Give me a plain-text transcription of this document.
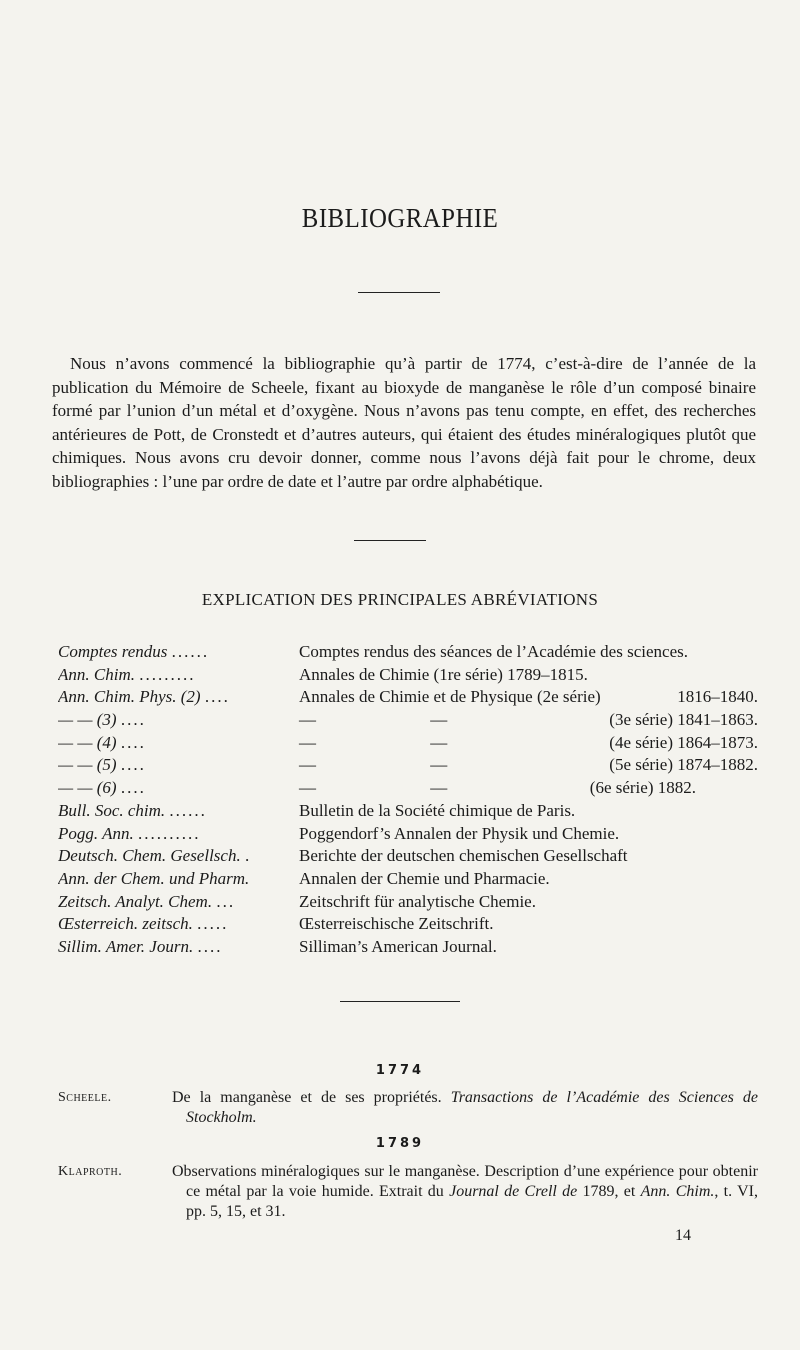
BIBLIOGRAPHIE
Nous n’avons commencé la bibliographie qu’à partir de 1774, c’est-à-dire de l’année de la publication du Mémoire de Scheele, fixant au bioxyde de manganèse le rôle d’un composé binaire formé par l’union d’un métal et d’oxygène. Nous n’avons pas tenu compte, en effet, des recherches antérieures de Pott, de Cronstedt et d’autres auteurs, qui étaient des études minéralogiques plutôt que chimiques. Nous avons cru devoir donner, comme nous l’avons déjà fait pour le chrome, deux bibliographies : l’une par ordre de date et l’autre par ordre alphabétique.
EXPLICATION DES PRINCIPALES ABRÉVIATIONS
Comptes rendus ......	Comptes rendus des séances de l’Académie des sciences.
Ann. Chim. .........	Annales de Chimie (1re série) 1789–1815.
Ann. Chim. Phys. (2) ....	Annales de Chimie et de Physique (2e série)	1816–1840.
— — (3) ....	— —	(3e série) 1841–1863.
— — (4) ....	— —	(4e série) 1864–1873.
— — (5) ....	— —	(5e série) 1874–1882.
— — (6) ....	— —	(6e série) 1882.
Bull. Soc. chim. ......	Bulletin de la Société chimique de Paris.
Pogg. Ann. ..........	Poggendorf’s Annalen der Physik und Chemie.
Deutsch. Chem. Gesellsch. .	Berichte der deutschen chemischen Gesellschaft
Ann. der Chem. und Pharm.	Annalen der Chemie und Pharmacie.
Zeitsch. Analyt. Chem. ...	Zeitschrift für analytische Chemie.
Œsterreich. zeitsch. .....	Œsterreischische Zeitschrift.
Sillim. Amer. Journ. ....	Silliman’s American Journal.
1774
Scheele.	De la manganèse et de ses propriétés. Transactions de l’Académie des Sciences de Stockholm.
1789
Klaproth.	Observations minéralogiques sur le manganèse. Description d’une expérience pour obtenir ce métal par la voie humide. Extrait du Journal de Crell de 1789, et Ann. Chim., t. VI, pp. 5, 15, et 31.
14
